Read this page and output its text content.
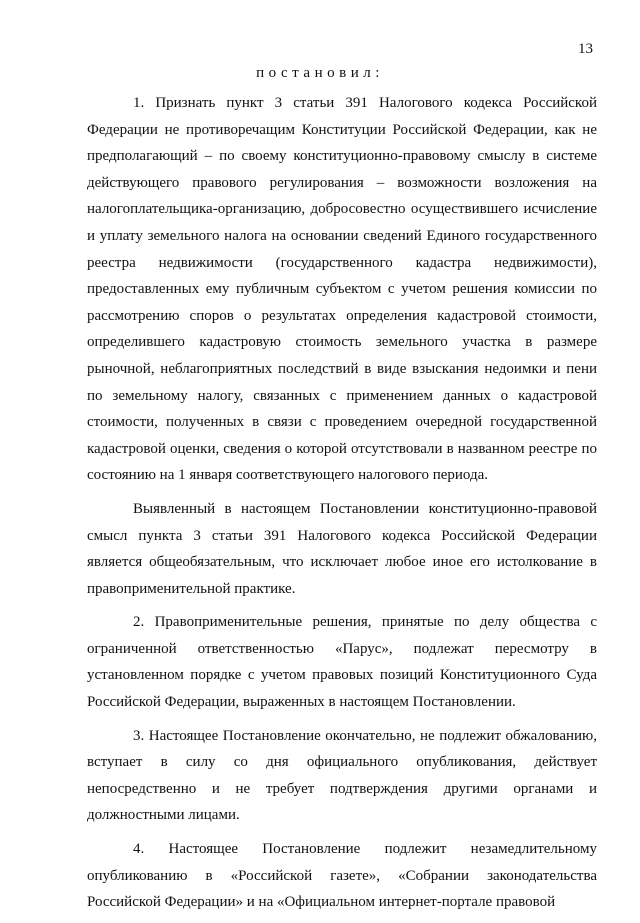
13
постановил:

1. Признать пункт 3 статьи 391 Налогового кодекса Российской Федерации не противоречащим Конституции Российской Федерации, как не предполагающий – по своему конституционно-правовому смыслу в системе действующего правового регулирования – возможности возложения на налогоплательщика-организацию, добросовестно осуществившего исчисление и уплату земельного налога на основании сведений Единого государственного реестра недвижимости (государственного кадастра недвижимости), предоставленных ему публичным субъектом с учетом решения комиссии по рассмотрению споров о результатах определения кадастровой стоимости, определившего кадастровую стоимость земельного участка в размере рыночной, неблагоприятных последствий в виде взыскания недоимки и пени по земельному налогу, связанных с применением данных о кадастровой стоимости, полученных в связи с проведением очередной государственной кадастровой оценки, сведения о которой отсутствовали в названном реестре по состоянию на 1 января соответствующего налогового периода.

Выявленный в настоящем Постановлении конституционно-правовой смысл пункта 3 статьи 391 Налогового кодекса Российской Федерации является общеобязательным, что исключает любое иное его истолкование в правоприменительной практике.

2. Правоприменительные решения, принятые по делу общества с ограниченной ответственностью «Парус», подлежат пересмотру в установленном порядке с учетом правовых позиций Конституционного Суда Российской Федерации, выраженных в настоящем Постановлении.

3. Настоящее Постановление окончательно, не подлежит обжалованию, вступает в силу со дня официального опубликования, действует непосредственно и не требует подтверждения другими органами и должностными лицами.

4. Настоящее Постановление подлежит незамедлительному опубликованию в «Российской газете», «Собрании законодательства Российской Федерации» и на «Официальном интернет-портале правовой
